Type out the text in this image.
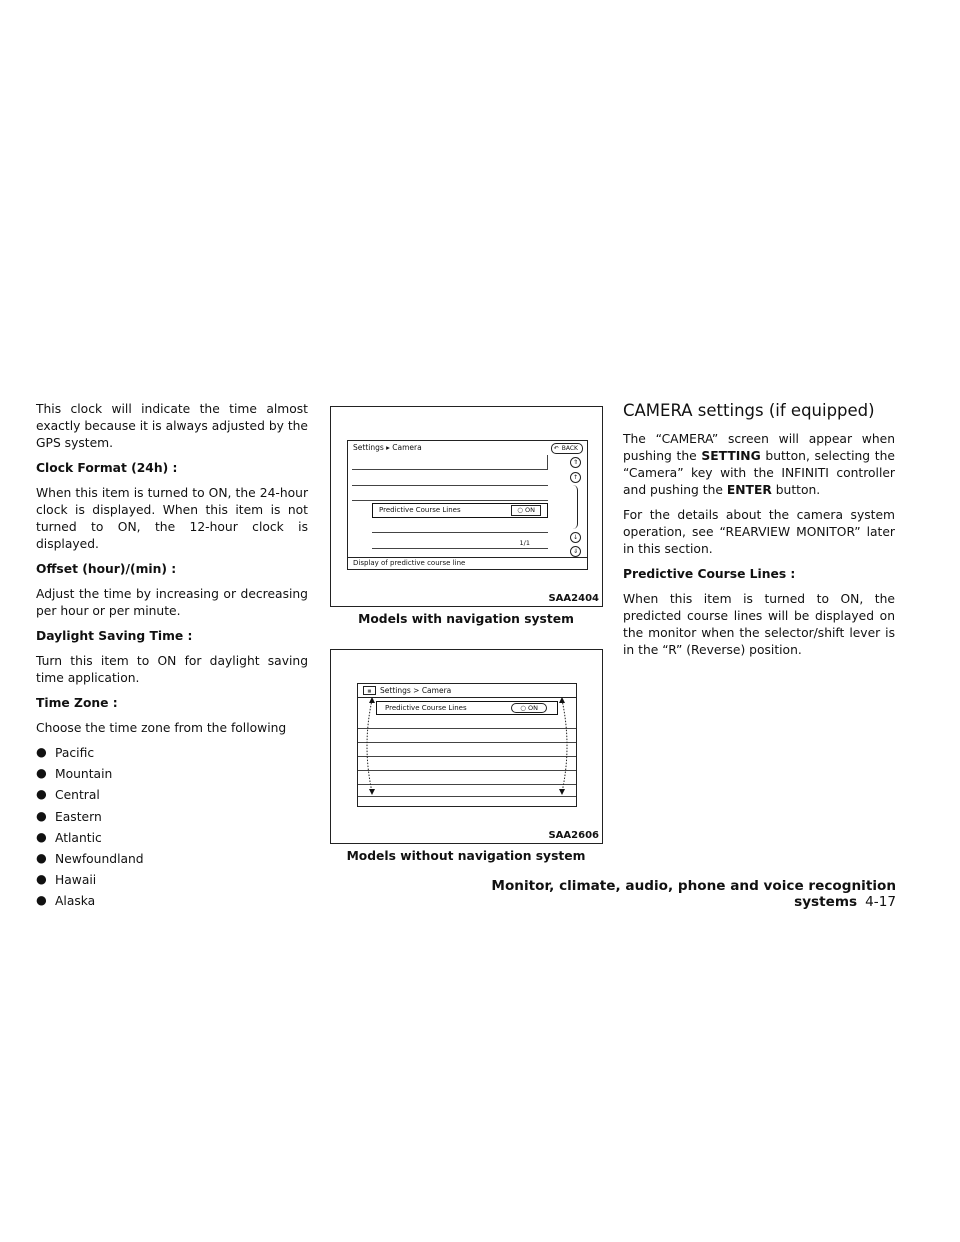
This clock will indicate the time almost exactly because it is always adjusted by the GPS system.

Clock Format (24h) :

When this item is turned to ON, the 24-hour clock is displayed. When this item is not turned to ON, the 12-hour clock is displayed.

Offset (hour)/(min) :

Adjust the time by increasing or decreasing per hour or per minute.

Daylight Saving Time :

Turn this item to ON for daylight saving time application.

Time Zone :

Choose the time zone from the following

● Pacific
● Mountain
● Central
● Eastern
● Atlantic
● Newfoundland
● Hawaii
● Alaska
Settings ▸ Camera	↶ BACK
Predictive Course Lines	○ ON
1/1
⇑
↑
↓
⇓
Display of predictive course line
SAA2404
Models with navigation system
▦	Settings > Camera
Predictive Course Lines	○ ON
SAA2606
Models without navigation system
CAMERA settings (if equipped)

The “CAMERA” screen will appear when pushing the SETTING button, selecting the “Camera” key with the INFINITI controller and pushing the ENTER button.

For the details about the camera system operation, see “REARVIEW MONITOR” later in this section.

Predictive Course Lines :

When this item is turned to ON, the predicted course lines will be displayed on the monitor when the selector/shift lever is in the “R” (Reverse) position.

Monitor, climate, audio, phone and voice recognition systems 4-17
